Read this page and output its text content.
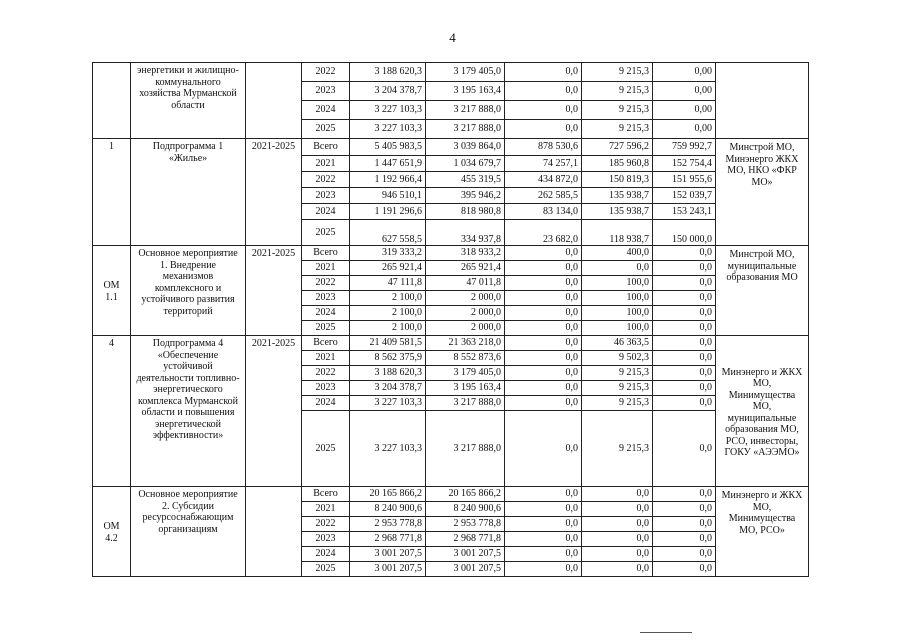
4
	энергетики и жилищно-коммунального хозяйства Мурманской области		2022	3 188 620,3	3 179 405,0	0,0	9 215,3	0,00	
			2023	3 204 378,7	3 195 163,4	0,0	9 215,3	0,00	
			2024	3 227 103,3	3 217 888,0	0,0	9 215,3	0,00	
			2025	3 227 103,3	3 217 888,0	0,0	9 215,3	0,00	
1	Подпрограмма 1 «Жилье»	2021-2025	Всего	5 405 983,5	3 039 864,0	878 530,6	727 596,2	759 992,7	Минстрой МО, Минэнерго ЖКХ МО, НКО «ФКР МО»
			2021	1 447 651,9	1 034 679,7	74 257,1	185 960,8	152 754,4	
			2022	1 192 966,4	455 319,5	434 872,0	150 819,3	151 955,6	
			2023	946 510,1	395 946,2	262 585,5	135 938,7	152 039,7	
			2024	1 191 296,6	818 980,8	83 134,0	135 938,7	153 243,1	
			2025	627 558,5	334 937,8	23 682,0	118 938,7	150 000,0	
ОМ 1.1	Основное мероприятие 1. Внедрение механизмов комплексного и устойчивого развития территорий	2021-2025	Всего	319 333,2	318 933,2	0,0	400,0	0,0	Минстрой МО, муниципальные образования МО
			2021	265 921,4	265 921,4	0,0	0,0	0,0	
			2022	47 111,8	47 011,8	0,0	100,0	0,0	
			2023	2 100,0	2 000,0	0,0	100,0	0,0	
			2024	2 100,0	2 000,0	0,0	100,0	0,0	
			2025	2 100,0	2 000,0	0,0	100,0	0,0	
4	Подпрограмма 4 «Обеспечение устойчивой деятельности топливно-энергетического комплекса Мурманской области и повышения энергетической эффективности»	2021-2025	Всего	21 409 581,5	21 363 218,0	0,0	46 363,5	0,0	Минэнерго и ЖКХ МО, Минимущества МО, муниципальные образования МО, РСО, инвесторы, ГОКУ «АЭЭМО»
			2021	8 562 375,9	8 552 873,6	0,0	9 502,3	0,0	
			2022	3 188 620,3	3 179 405,0	0,0	9 215,3	0,0	
			2023	3 204 378,7	3 195 163,4	0,0	9 215,3	0,0	
			2024	3 227 103,3	3 217 888,0	0,0	9 215,3	0,0	
			2025	3 227 103,3	3 217 888,0	0,0	9 215,3	0,0	
ОМ 4.2	Основное мероприятие 2. Субсидии ресурсоснабжающим организациям		Всего	20 165 866,2	20 165 866,2	0,0	0,0	0,0	Минэнерго и ЖКХ МО, Минимущества МО, РСО»
			2021	8 240 900,6	8 240 900,6	0,0	0,0	0,0	
			2022	2 953 778,8	2 953 778,8	0,0	0,0	0,0	
			2023	2 968 771,8	2 968 771,8	0,0	0,0	0,0	
			2024	3 001 207,5	3 001 207,5	0,0	0,0	0,0	
			2025	3 001 207,5	3 001 207,5	0,0	0,0	0,0	
